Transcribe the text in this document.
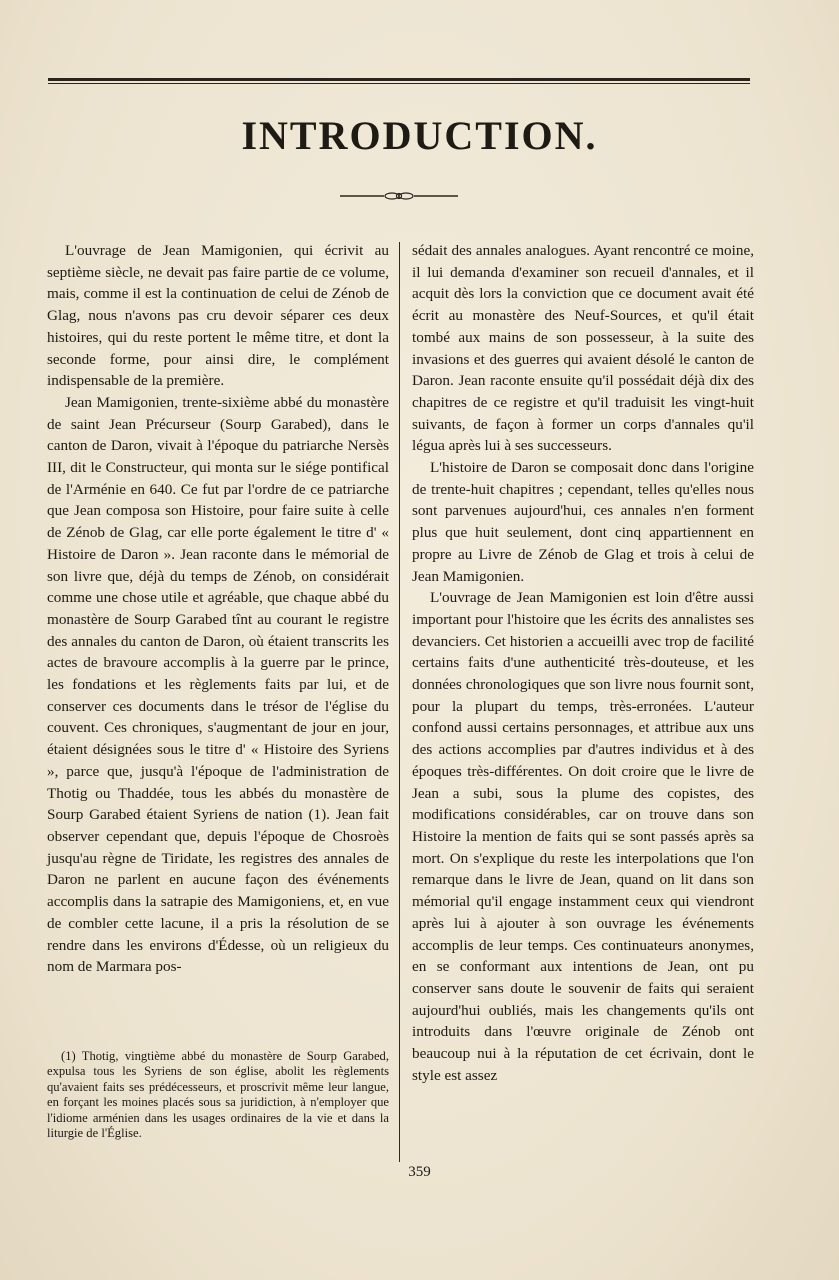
INTRODUCTION.

L'ouvrage de Jean Mamigonien, qui écrivit au septième siècle, ne devait pas faire partie de ce volume, mais, comme il est la continuation de celui de Zénob de Glag, nous n'avons pas cru devoir séparer ces deux histoires, qui du reste portent le même titre, et dont la seconde forme, pour ainsi dire, le complément indispensable de la première.

Jean Mamigonien, trente-sixième abbé du monastère de saint Jean Précurseur (Sourp Garabed), dans le canton de Daron, vivait à l'époque du patriarche Nersès III, dit le Constructeur, qui monta sur le siége pontifical de l'Arménie en 640. Ce fut par l'ordre de ce patriarche que Jean composa son Histoire, pour faire suite à celle de Zénob de Glag, car elle porte également le titre d' « Histoire de Daron ». Jean raconte dans le mémorial de son livre que, déjà du temps de Zénob, on considérait comme une chose utile et agréable, que chaque abbé du monastère de Sourp Garabed tînt au courant le registre des annales du canton de Daron, où étaient transcrits les actes de bravoure accomplis à la guerre par le prince, les fondations et les règlements faits par lui, et de conserver ces documents dans le trésor de l'église du couvent. Ces chroniques, s'augmentant de jour en jour, étaient désignées sous le titre d' « Histoire des Syriens », parce que, jusqu'à l'époque de l'administration de Thotig ou Thaddée, tous les abbés du monastère de Sourp Garabed étaient Syriens de nation (1). Jean fait observer cependant que, depuis l'époque de Chosroès jusqu'au règne de Tiridate, les registres des annales de Daron ne parlent en aucune façon des événements accomplis dans la satrapie des Mamigoniens, et, en vue de combler cette lacune, il a pris la résolution de se rendre dans les environs d'Édesse, où un religieux du nom de Marmara pos-

sédait des annales analogues. Ayant rencontré ce moine, il lui demanda d'examiner son recueil d'annales, et il acquit dès lors la conviction que ce document avait été écrit au monastère des Neuf-Sources, et qu'il était tombé aux mains de son possesseur, à la suite des invasions et des guerres qui avaient désolé le canton de Daron. Jean raconte ensuite qu'il possédait déjà dix des chapitres de ce registre et qu'il traduisit les vingt-huit suivants, de façon à former un corps d'annales qu'il légua après lui à ses successeurs.

L'histoire de Daron se composait donc dans l'origine de trente-huit chapitres ; cependant, telles qu'elles nous sont parvenues aujourd'hui, ces annales n'en forment plus que huit seulement, dont cinq appartiennent en propre au Livre de Zénob de Glag et trois à celui de Jean Mamigonien.

L'ouvrage de Jean Mamigonien est loin d'être aussi important pour l'histoire que les écrits des annalistes ses devanciers. Cet historien a accueilli avec trop de facilité certains faits d'une authenticité très-douteuse, et les données chronologiques que son livre nous fournit sont, pour la plupart du temps, très-erronées. L'auteur confond aussi certains personnages, et attribue aux uns des actions accomplies par d'autres individus et à des époques très-différentes. On doit croire que le livre de Jean a subi, sous la plume des copistes, des modifications considérables, car on trouve dans son Histoire la mention de faits qui se sont passés après sa mort. On s'explique du reste les interpolations que l'on remarque dans le livre de Jean, quand on lit dans son mémorial qu'il engage instamment ceux qui viendront après lui à ajouter à son ouvrage les événements accomplis de leur temps. Ces continuateurs anonymes, en se conformant aux intentions de Jean, ont pu conserver sans doute le souvenir de faits qui seraient aujourd'hui oubliés, mais les changements qu'ils ont introduits dans l'œuvre originale de Zénob ont beaucoup nui à la réputation de cet écrivain, dont le style est assez

(1) Thotig, vingtième abbé du monastère de Sourp Garabed, expulsa tous les Syriens de son église, abolit les règlements qu'avaient faits ses prédécesseurs, et proscrivit même leur langue, en forçant les moines placés sous sa juridiction, à n'employer que l'idiome arménien dans les usages ordinaires de la vie et dans la liturgie de l'Église.

359
